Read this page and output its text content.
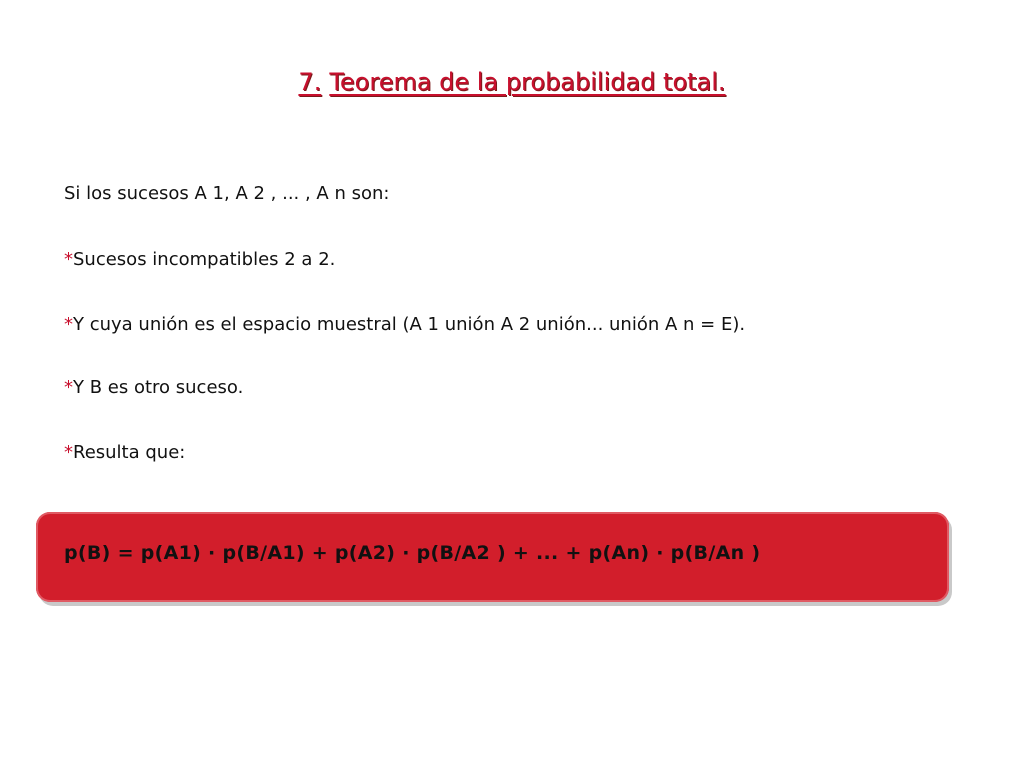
7. Teorema de la probabilidad total.
Si los sucesos A 1, A 2 , ... , A n son:
*Sucesos incompatibles 2 a 2.
*Y cuya unión es el espacio muestral (A 1 unión A 2 unión... unión A n = E).
*Y B es otro suceso.
*Resulta que:
p(B) = p(A1) · p(B/A1) + p(A2) · p(B/A2 ) + ... + p(An) · p(B/An )
